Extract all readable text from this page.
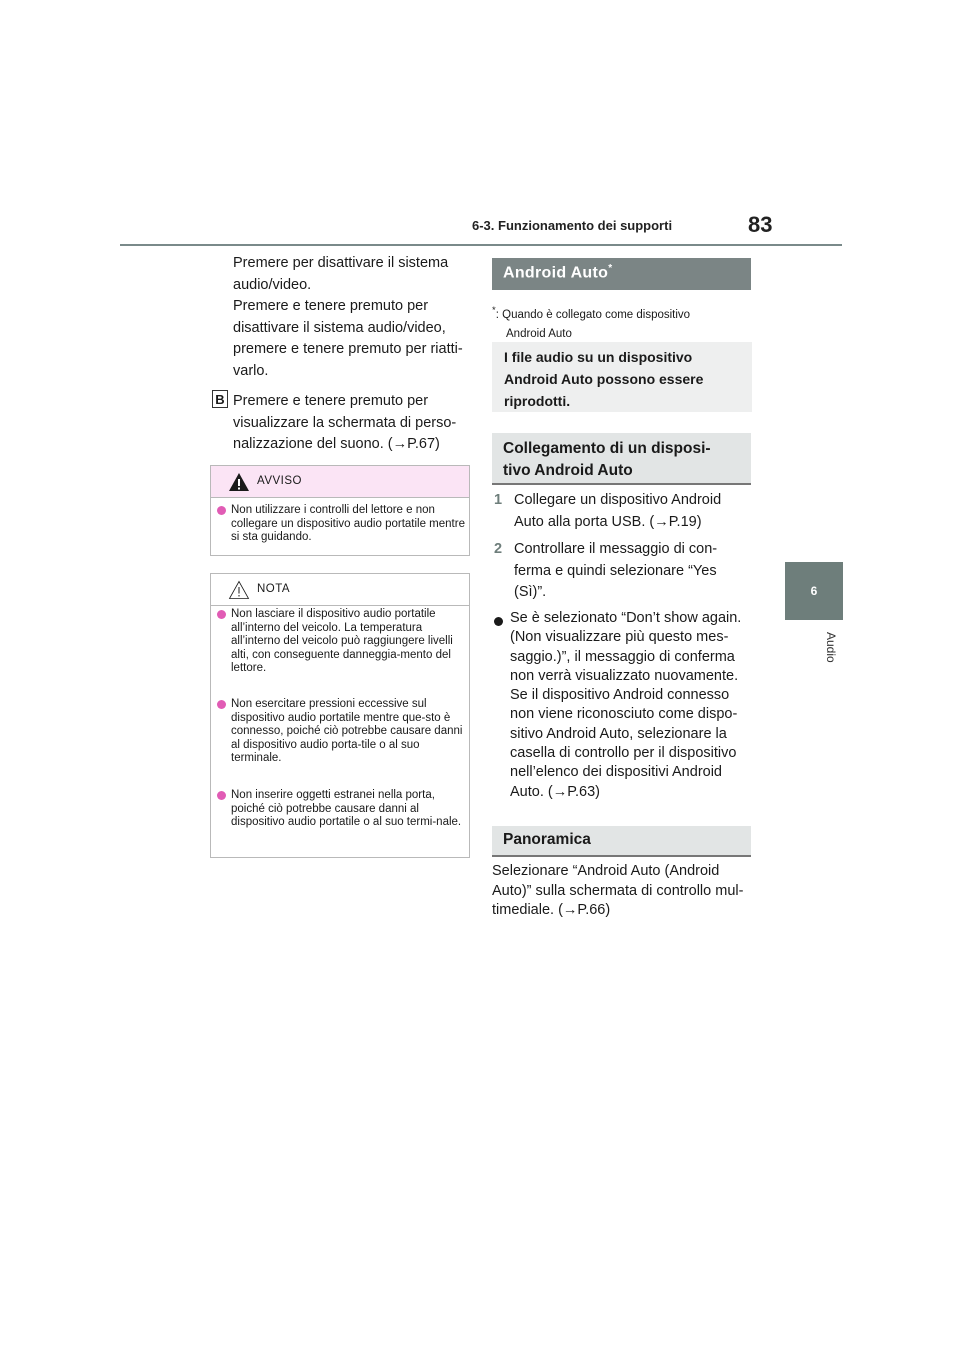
6-3. Funzionamento dei supporti	83
6
Audio
Premere per disattivare il sistema
audio/video.
Premere e tenere premuto per
disattivare il sistema audio/video,
premere e tenere premuto per riatti-
varlo.
B Premere e tenere premuto per
visualizzare la schermata di perso-
nalizzazione del suono. (→P.67)
AVVISO
Non utilizzare i controlli del lettore e non collegare un dispositivo audio portatile mentre si sta guidando.
NOTA
Non lasciare il dispositivo audio portatile all’interno del veicolo. La temperatura all’interno del veicolo può raggiungere livelli alti, con conseguente danneggia-mento del lettore.
Non esercitare pressioni eccessive sul dispositivo audio portatile mentre que-sto è connesso, poiché ciò potrebbe causare danni al dispositivo audio porta-tile o al suo terminale.
Non inserire oggetti estranei nella porta, poiché ciò potrebbe causare danni al dispositivo audio portatile o al suo termi-nale.
Android Auto*
*: Quando è collegato come dispositivo
Android Auto
I file audio su un dispositivo
Android Auto possono essere
riprodotti.
Collegamento di un disposi-
tivo Android Auto
1 Collegare un dispositivo Android
Auto alla porta USB. (→P.19)
2 Controllare il messaggio di con-
ferma e quindi selezionare “Yes
(Sì)”.
Se è selezionato “Don’t show again.
(Non visualizzare più questo mes-
saggio.)”, il messaggio di conferma
non verrà visualizzato nuovamente.
Se il dispositivo Android connesso
non viene riconosciuto come dispo-
sitivo Android Auto, selezionare la
casella di controllo per il dispositivo
nell’elenco dei dispositivi Android
Auto. (→P.63)
Panoramica
Selezionare “Android Auto (Android
Auto)” sulla schermata di controllo mul-
timediale. (→P.66)
